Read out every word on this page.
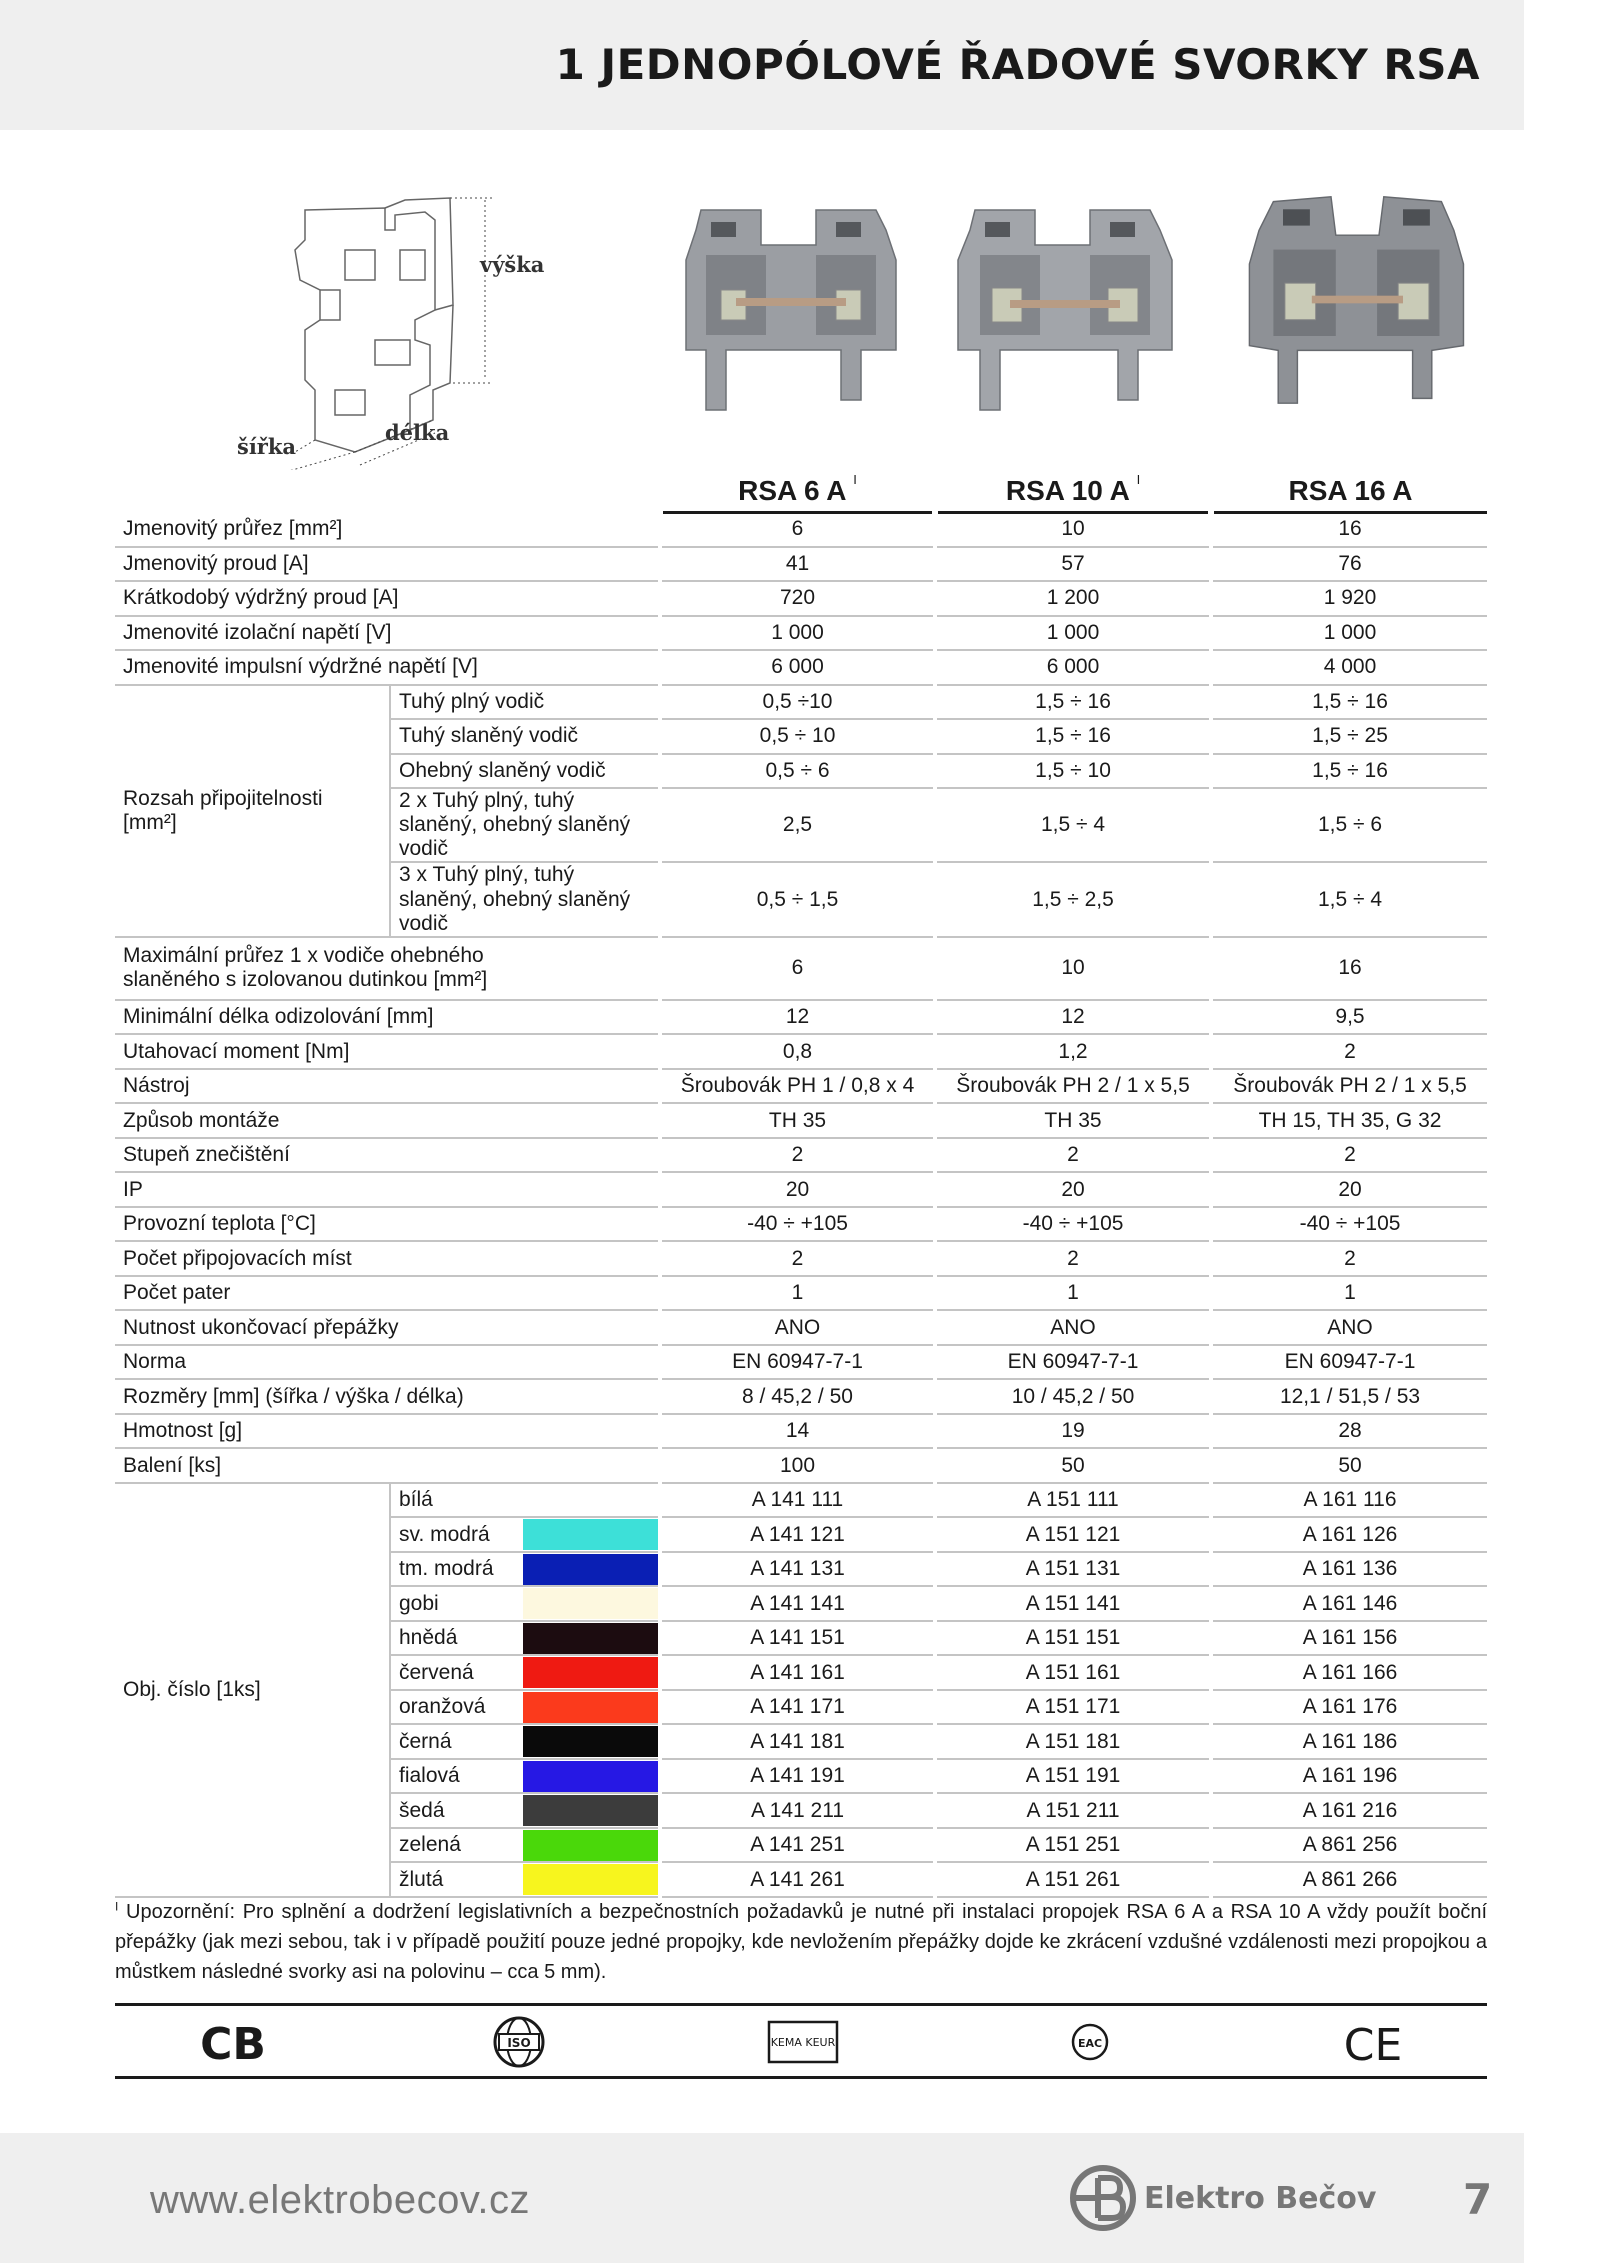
1 JEDNOPÓLOVÉ ŘADOVÉ SVORKY RSA
výška
šířka
délka
			RSA 6 A $^I$	RSA 10 A $^I$	RSA 16 A
Jmenovitý průřez [mm²]			6	10	16
Jmenovitý proud [A]			41	57	76
Krátkodobý výdržný proud [A]			720	1 200	1 920
Jmenovité izolační napětí [V]			1 000	1 000	1 000
Jmenovité impulsní výdržné napětí [V]			6 000	6 000	4 000
Rozsah připojitelnosti [mm²]	Tuhý plný vodič		0,5 ÷10	1,5 ÷ 16	1,5 ÷ 16
	Tuhý slaněný vodič		0,5 ÷ 10	1,5 ÷ 16	1,5 ÷ 25
	Ohebný slaněný vodič		0,5 ÷ 6	1,5 ÷ 10	1,5 ÷ 16
	2 x Tuhý plný, tuhý slaněný, ohebný slaněný vodič		2,5	1,5 ÷ 4	1,5 ÷ 6
	3 x Tuhý plný, tuhý slaněný, ohebný slaněný vodič		0,5 ÷ 1,5	1,5 ÷ 2,5	1,5 ÷ 4
Maximální průřez 1 x vodiče ohebného slaněného s izolovanou dutinkou [mm²]			6	10	16
Minimální délka odizolování [mm]			12	12	9,5
Utahovací moment [Nm]			0,8	1,2	2
Nástroj			Šroubovák PH 1 / 0,8 x 4	Šroubovák PH 2 / 1 x 5,5	Šroubovák PH 2 / 1 x 5,5
Způsob montáže			TH 35	TH 35	TH 15, TH 35, G 32
Stupeň znečištění			2	2	2
IP			20	20	20
Provozní teplota [°C]			-40 ÷ +105	-40 ÷ +105	-40 ÷ +105
Počet připojovacích míst			2	2	2
Počet pater			1	1	1
Nutnost ukončovací přepážky			ANO	ANO	ANO
Norma			EN 60947-7-1	EN 60947-7-1	EN 60947-7-1
Rozměry [mm] (šířka / výška / délka)			8 / 45,2 / 50	10 / 45,2 / 50	12,1 / 51,5 / 53
Hmotnost [g]			14	19	28
Balení [ks]			100	50	50
Obj. číslo [1ks]	bílá		A 141 111	A 151 111	A 161 116
	sv. modrá		A 141 121	A 151 121	A 161 126
	tm. modrá		A 141 131	A 151 131	A 161 136
	gobi		A 141 141	A 151 141	A 161 146
	hnědá		A 141 151	A 151 151	A 161 156
	červená		A 141 161	A 151 161	A 161 166
	oranžová		A 141 171	A 151 171	A 161 176
	černá		A 141 181	A 151 181	A 161 186
	fialová		A 141 191	A 151 191	A 161 196
	šedá		A 141 211	A 151 211	A 161 216
	zelená		A 141 251	A 151 251	A 861 256
	žlutá		A 141 261	A 151 261	A 861 266
$^I$ Upozornění: Pro splnění a dodržení legislativních a bezpečnostních požadavků je nutné při instalaci propojek RSA 6 A a RSA 10 A vždy použít boční přepážky (jak mezi sebou, tak i v případě použití pouze jedné propojky, kde nevložením přepážky dojde ke zkrácení vzdušné vzdálenosti mezi propojkou a můstkem následné svorky asi na polovinu – cca 5 mm).
CB	ISO	KEMA KEUR	EAC	CE
www.elektrobecov.cz	Elektro Bečov 7
